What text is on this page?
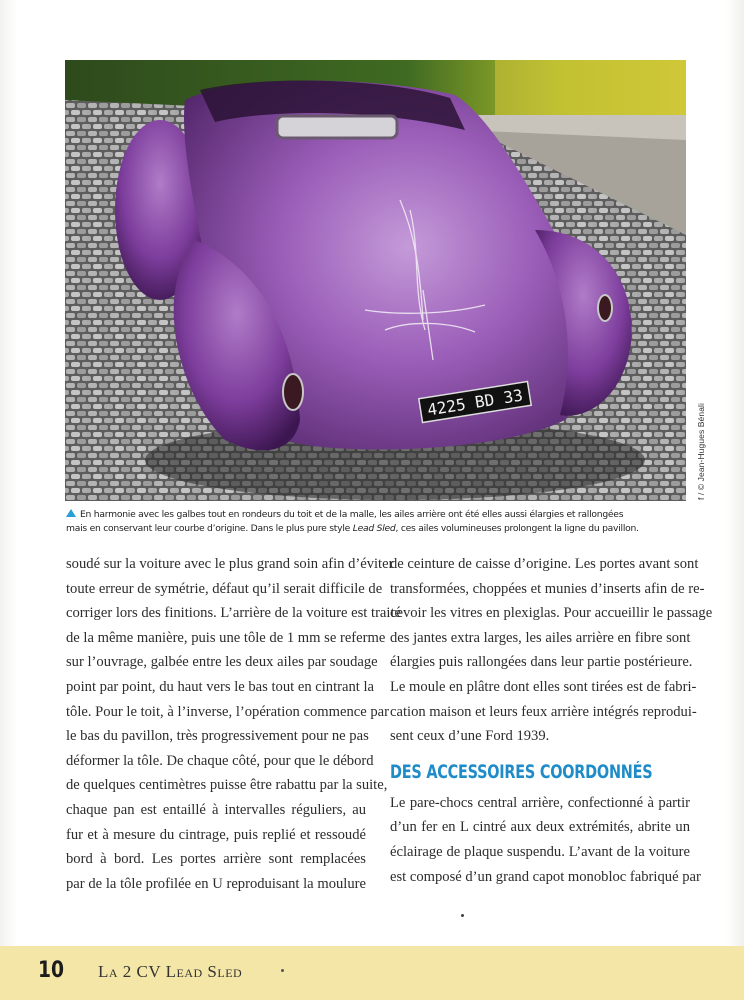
4225 BD 33
f / © Jean-Hugues Bénali
En harmonie avec les galbes tout en rondeurs du toit et de la malle, les ailes arrière ont été elles aussi élargies et rallongées
mais en conservant leur courbe d’origine. Dans le plus pure style Lead Sled, ces ailes volumineuses prolongent la ligne du pavillon.
soudé sur la voiture avec le plus grand soin afin d’éviter
toute erreur de symétrie, défaut qu’il serait difficile de
corriger lors des finitions. L’arrière de la voiture est traité
de la même manière, puis une tôle de 1 mm se referme
sur l’ouvrage, galbée entre les deux ailes par soudage
point par point, du haut vers le bas tout en cintrant la
tôle. Pour le toit, à l’inverse, l’opération commence par
le bas du pavillon, très progressivement pour ne pas
déformer la tôle. De chaque côté, pour que le débord
de quelques centimètres puisse être rabattu par la suite,
chaque pan est entaillé à intervalles réguliers, au
fur et à mesure du cintrage, puis replié et ressoudé
bord à bord. Les portes arrière sont remplacées
par de la tôle profilée en U reproduisant la moulure
de ceinture de caisse d’origine. Les portes avant sont
transformées, choppées et munies d’inserts afin de re-
cevoir les vitres en plexiglas. Pour accueillir le passage
des jantes extra larges, les ailes arrière en fibre sont
élargies puis rallongées dans leur partie postérieure.
Le moule en plâtre dont elles sont tirées est de fabri-
cation maison et leurs feux arrière intégrés reprodui-
sent ceux d’une Ford 1939.
DES ACCESSOIRES COORDONNÉS
Le pare-chocs central arrière, confectionné à partir
d’un fer en L cintré aux deux extrémités, abrite un
éclairage de plaque suspendu. L’avant de la voiture
est composé d’un grand capot monobloc fabriqué par
10 La 2 CV Lead Sled
